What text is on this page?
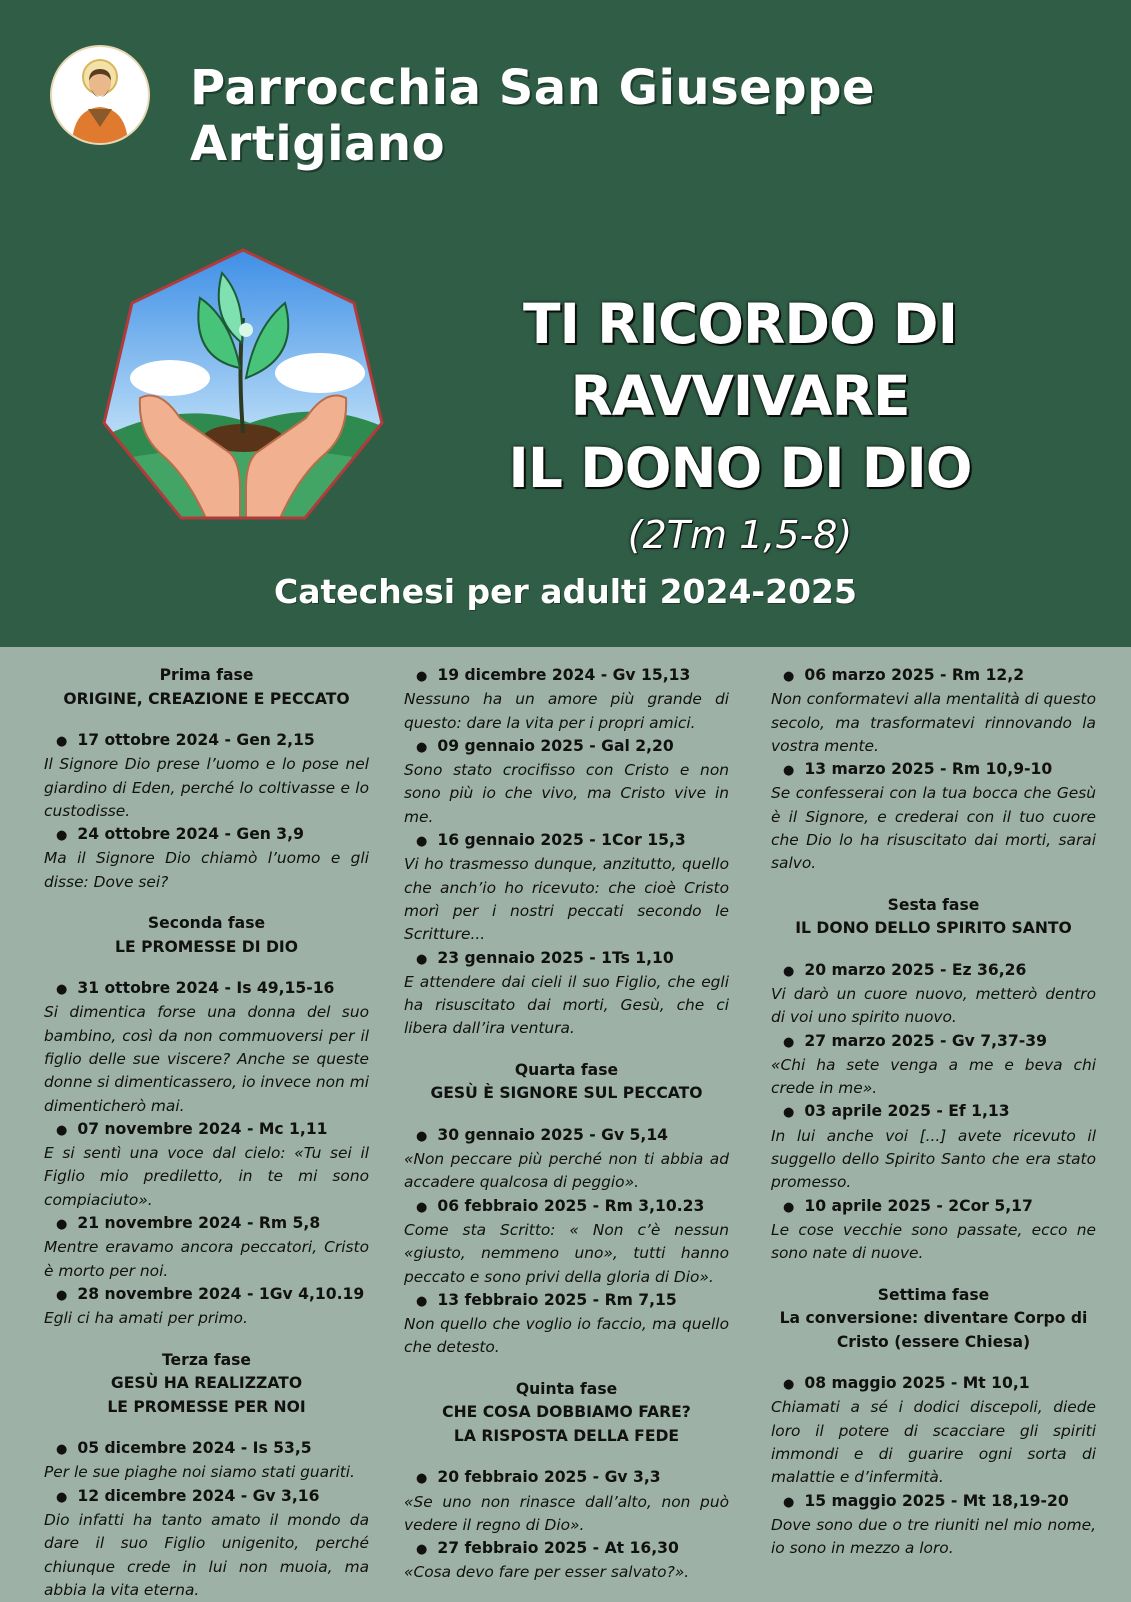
Parrocchia San Giuseppe Artigiano
TI RICORDO DI RAVVIVARE
IL DONO DI DIO
(2Tm 1,5-8)
Catechesi per adulti 2024-2025
Prima fase
ORIGINE, CREAZIONE E PECCATO
● 17 ottobre 2024 - Gen 2,15
Il Signore Dio prese l’uomo e lo pose nel giardino di Eden, perché lo coltivasse e lo custodisse.
● 24 ottobre 2024 - Gen 3,9
Ma il Signore Dio chiamò l’uomo e gli disse: Dove sei?
Seconda fase
LE PROMESSE DI DIO
● 31 ottobre 2024 - Is 49,15-16
Si dimentica forse una donna del suo bambino, così da non commuoversi per il figlio delle sue viscere? Anche se queste donne si dimenticassero, io invece non mi dimenticherò mai.
● 07 novembre 2024 - Mc 1,11
E si sentì una voce dal cielo: «Tu sei il Figlio mio prediletto, in te mi sono compiaciuto».
● 21 novembre 2024 - Rm 5,8
Mentre eravamo ancora peccatori, Cristo è morto per noi.
● 28 novembre 2024 - 1Gv 4,10.19
Egli ci ha amati per primo.
Terza fase
GESÙ HA REALIZZATO
LE PROMESSE PER NOI
● 05 dicembre 2024 - Is 53,5
Per le sue piaghe noi siamo stati guariti.
● 12 dicembre 2024 - Gv 3,16
Dio infatti ha tanto amato il mondo da dare il suo Figlio unigenito, perché chiunque crede in lui non muoia, ma abbia la vita eterna.
● 19 dicembre 2024 - Gv 15,13
Nessuno ha un amore più grande di questo: dare la vita per i propri amici.
● 09 gennaio 2025 - Gal 2,20
Sono stato crocifisso con Cristo e non sono più io che vivo, ma Cristo vive in me.
● 16 gennaio 2025 - 1Cor 15,3
Vi ho trasmesso dunque, anzitutto, quello che anch’io ho ricevuto: che cioè Cristo morì per i nostri peccati secondo le Scritture...
● 23 gennaio 2025 - 1Ts 1,10
E attendere dai cieli il suo Figlio, che egli ha risuscitato dai morti, Gesù, che ci libera dall’ira ventura.
Quarta fase
GESÙ È SIGNORE SUL PECCATO
● 30 gennaio 2025 - Gv 5,14
«Non peccare più perché non ti abbia ad accadere qualcosa di peggio».
● 06 febbraio 2025 - Rm 3,10.23
Come sta Scritto: « Non c’è nessun «giusto, nemmeno uno», tutti hanno peccato e sono privi della gloria di Dio».
● 13 febbraio 2025 - Rm 7,15
Non quello che voglio io faccio, ma quello che detesto.
Quinta fase
CHE COSA DOBBIAMO FARE?
LA RISPOSTA DELLA FEDE
● 20 febbraio 2025 - Gv 3,3
«Se uno non rinasce dall’alto, non può vedere il regno di Dio».
● 27 febbraio 2025 - At 16,30
«Cosa devo fare per esser salvato?».
● 06 marzo 2025 - Rm 12,2
Non conformatevi alla mentalità di questo secolo, ma trasformatevi rinnovando la vostra mente.
● 13 marzo 2025 - Rm 10,9-10
Se confesserai con la tua bocca che Gesù è il Signore, e crederai con il tuo cuore che Dio lo ha risuscitato dai morti, sarai salvo.
Sesta fase
IL DONO DELLO SPIRITO SANTO
● 20 marzo 2025 - Ez 36,26
Vi darò un cuore nuovo, metterò dentro di voi uno spirito nuovo.
● 27 marzo 2025 - Gv 7,37-39
«Chi ha sete venga a me e beva chi crede in me».
● 03 aprile 2025 - Ef 1,13
In lui anche voi [...] avete ricevuto il suggello dello Spirito Santo che era stato promesso.
● 10 aprile 2025 - 2Cor 5,17
Le cose vecchie sono passate, ecco ne sono nate di nuove.
Settima fase
La conversione: diventare Corpo di
Cristo (essere Chiesa)
● 08 maggio 2025 - Mt 10,1
Chiamati a sé i dodici discepoli, diede loro il potere di scacciare gli spiriti immondi e di guarire ogni sorta di malattie e d’infermità.
● 15 maggio 2025 - Mt 18,19-20
Dove sono due o tre riuniti nel mio nome, io sono in mezzo a loro.
